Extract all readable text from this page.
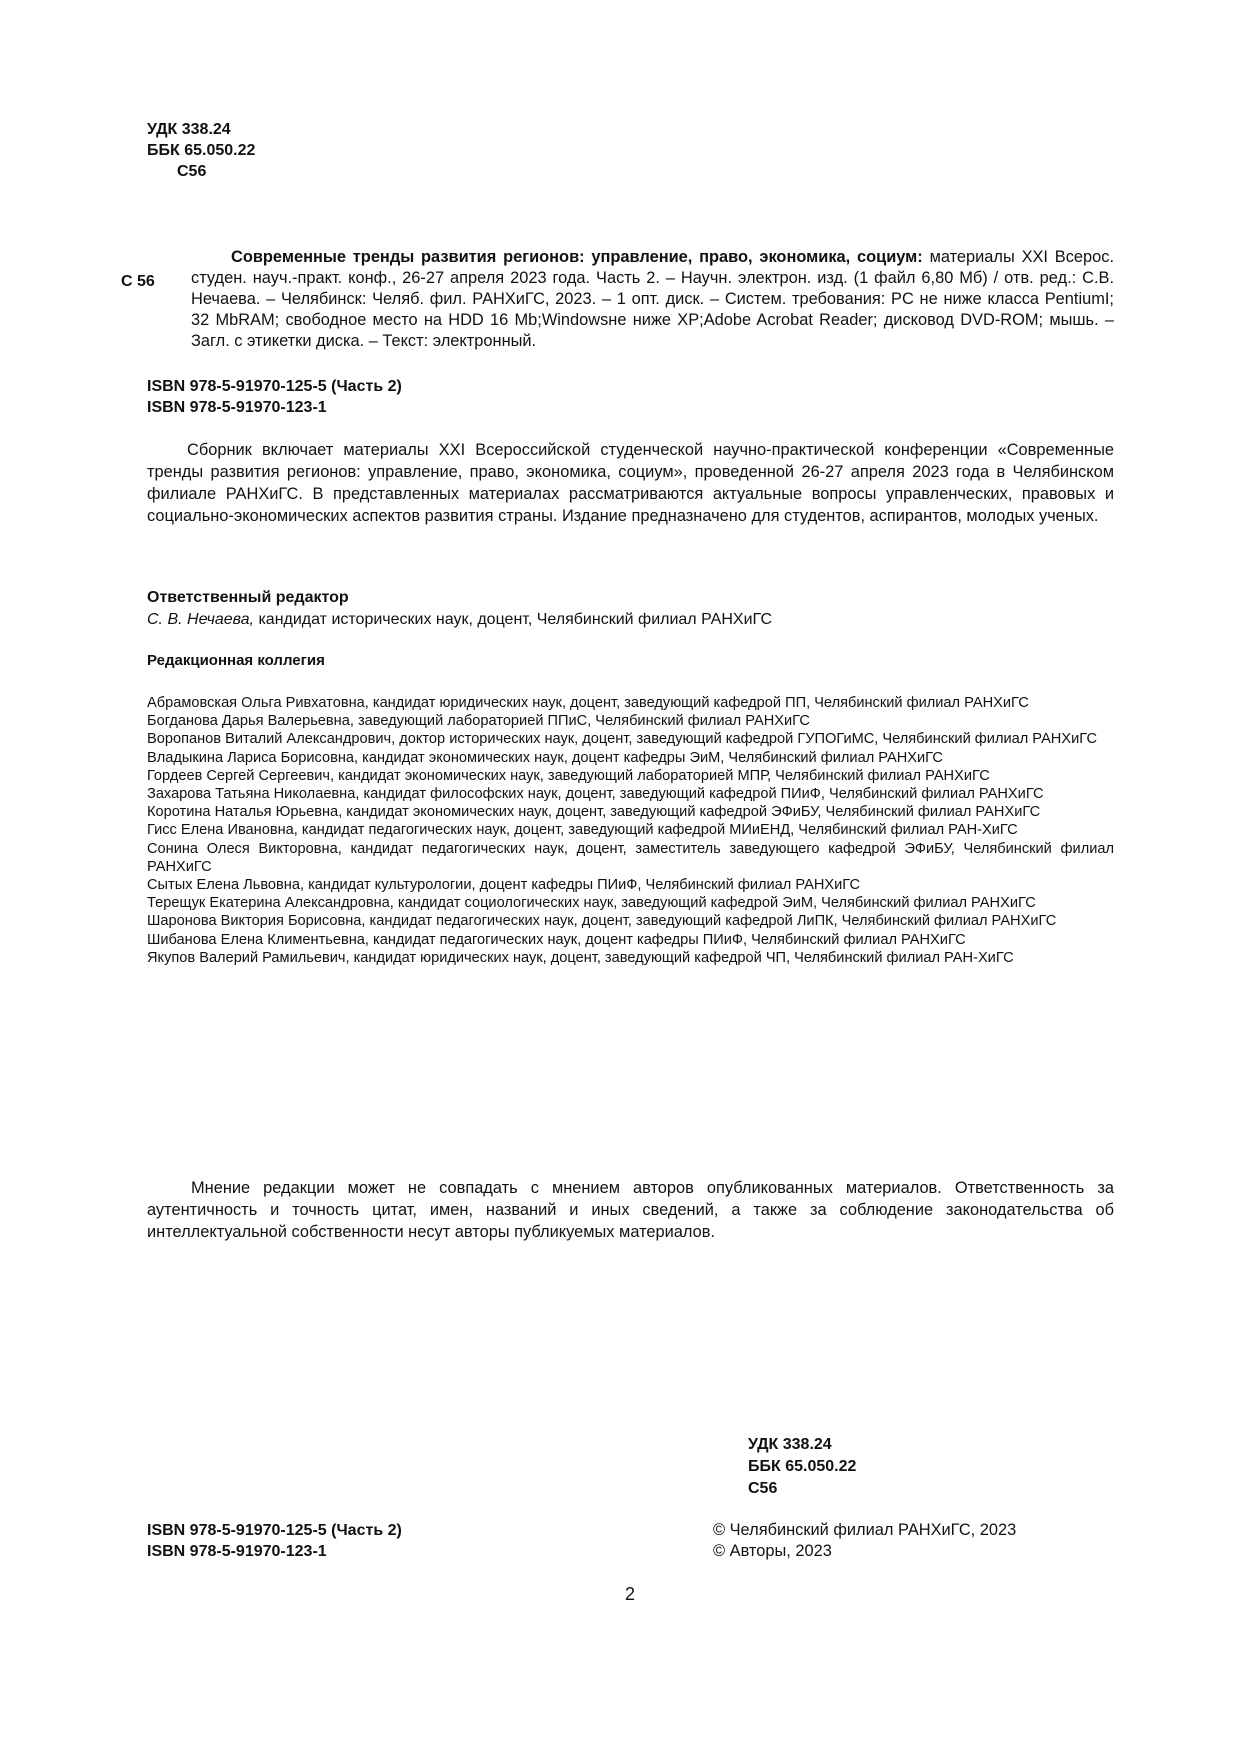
УДК 338.24
ББК 65.050.22
С56
С 56
Современные тренды развития регионов: управление, право, экономика, социум: материалы XXI Всерос. студен. науч.-практ. конф., 26-27 апреля 2023 года. Часть 2. – Научн. электрон. изд. (1 файл 6,80 Мб) / отв. ред.: С.В. Нечаева. – Челябинск: Челяб. фил. РАНХиГС, 2023. – 1 опт. диск. – Систем. требования: PC не ниже класса PentiumI; 32 MbRAM; свободное место на HDD 16 Mb;Windowsне ниже XP;Adobe Acrobat Reader; дисковод DVD-ROM; мышь. – Загл. с этикетки диска. – Текст: электронный.
ISBN 978-5-91970-125-5 (Часть 2)
ISBN 978-5-91970-123-1
Сборник включает материалы XXI Всероссийской студенческой научно-практической конференции «Современные тренды развития регионов: управление, право, экономика, социум», проведенной 26-27 апреля 2023 года в Челябинском филиале РАНХиГС. В представленных материалах рассматриваются актуальные вопросы управленческих, правовых и социально-экономических аспектов развития страны. Издание предназначено для студентов, аспирантов, молодых ученых.
Ответственный редактор
С. В. Нечаева, кандидат исторических наук, доцент, Челябинский филиал РАНХиГС
Редакционная коллегия

Абрамовская Ольга Ривхатовна, кандидат юридических наук, доцент, заведующий кафедрой ПП, Челябинский филиал РАНХиГС

Богданова Дарья Валерьевна, заведующий лабораторией ППиС, Челябинский филиал РАНХиГС

Воропанов Виталий Александрович, доктор исторических наук, доцент, заведующий кафедрой ГУПОГиМС, Челябинский филиал РАНХиГС

Владыкина Лариса Борисовна, кандидат экономических наук, доцент кафедры ЭиМ, Челябинский филиал РАНХиГС

Гордеев Сергей Сергеевич, кандидат экономических наук, заведующий лабораторией МПР, Челябинский филиал РАНХиГС

Захарова Татьяна Николаевна, кандидат философских наук, доцент, заведующий кафедрой ПИиФ, Челябинский филиал РАНХиГС

Коротина Наталья Юрьевна, кандидат экономических наук, доцент, заведующий кафедрой ЭФиБУ, Челябинский филиал РАНХиГС

Гисс Елена Ивановна, кандидат педагогических наук, доцент, заведующий кафедрой МИиЕНД, Челябинский филиал РАН-ХиГС

Сонина Олеся Викторовна, кандидат педагогических наук, доцент, заместитель заведующего кафедрой ЭФиБУ, Челябинский филиал РАНХиГС

Сытых Елена Львовна, кандидат культурологии, доцент кафедры ПИиФ, Челябинский филиал РАНХиГС

Терещук Екатерина Александровна, кандидат социологических наук, заведующий кафедрой ЭиМ, Челябинский филиал РАНХиГС

Шаронова Виктория Борисовна, кандидат педагогических наук, доцент, заведующий кафедрой ЛиПК, Челябинский филиал РАНХиГС

Шибанова Елена Климентьевна, кандидат педагогических наук, доцент кафедры ПИиФ, Челябинский филиал РАНХиГС

Якупов Валерий Рамильевич, кандидат юридических наук, доцент, заведующий кафедрой ЧП, Челябинский филиал РАН-ХиГС

Мнение редакции может не совпадать с мнением авторов опубликованных материалов. Ответственность за аутентичность и точность цитат, имен, названий и иных сведений, а также за соблюдение законодательства об интеллектуальной собственности несут авторы публикуемых материалов.
УДК 338.24
ББК 65.050.22
С56
ISBN 978-5-91970-125-5 (Часть 2)
ISBN 978-5-91970-123-1
© Челябинский филиал РАНХиГС, 2023
© Авторы, 2023
2
